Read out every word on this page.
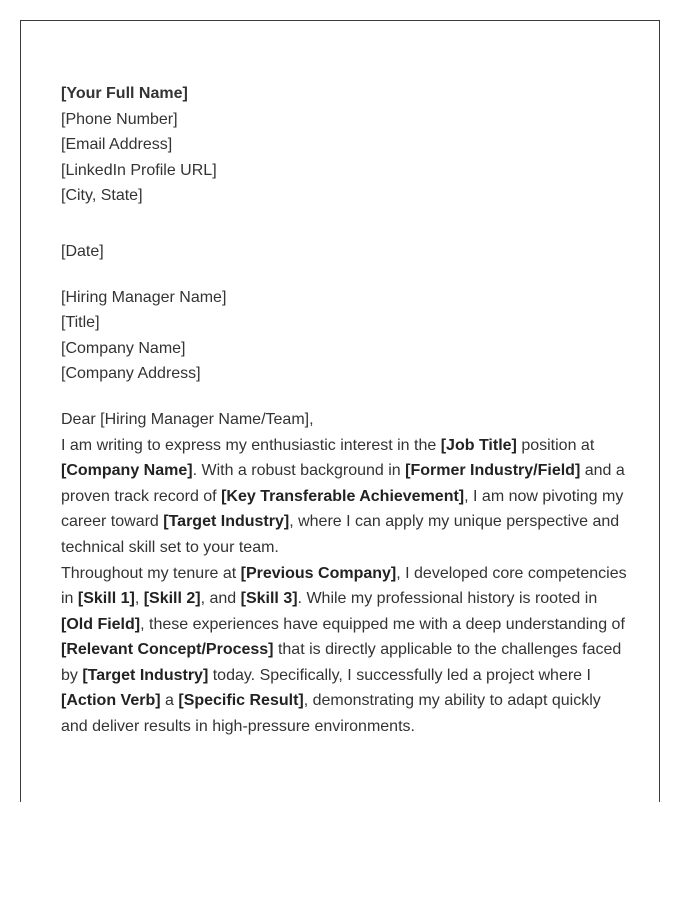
[Your Full Name]
[Phone Number]
[Email Address]
[LinkedIn Profile URL]
[City, State]
[Date]
[Hiring Manager Name]
[Title]
[Company Name]
[Company Address]
Dear [Hiring Manager Name/Team],

I am writing to express my enthusiastic interest in the [Job Title] position at
[Company Name]. With a robust background in [Former Industry/Field] and a proven track record of [Key Transferable Achievement], I am now pivoting my career toward [Target Industry], where I can apply my unique perspective and technical skill set to your team.

Throughout my tenure at [Previous Company], I developed core competencies in [Skill 1], [Skill 2], and [Skill 3]. While my professional history is rooted in [Old Field], these experiences have equipped me with a deep understanding of [Relevant Concept/Process] that is directly applicable to the challenges faced by [Target Industry] today. Specifically, I successfully led a project where I [Action Verb] a [Specific Result], demonstrating my ability to adapt quickly and deliver results in high-pressure environments.
